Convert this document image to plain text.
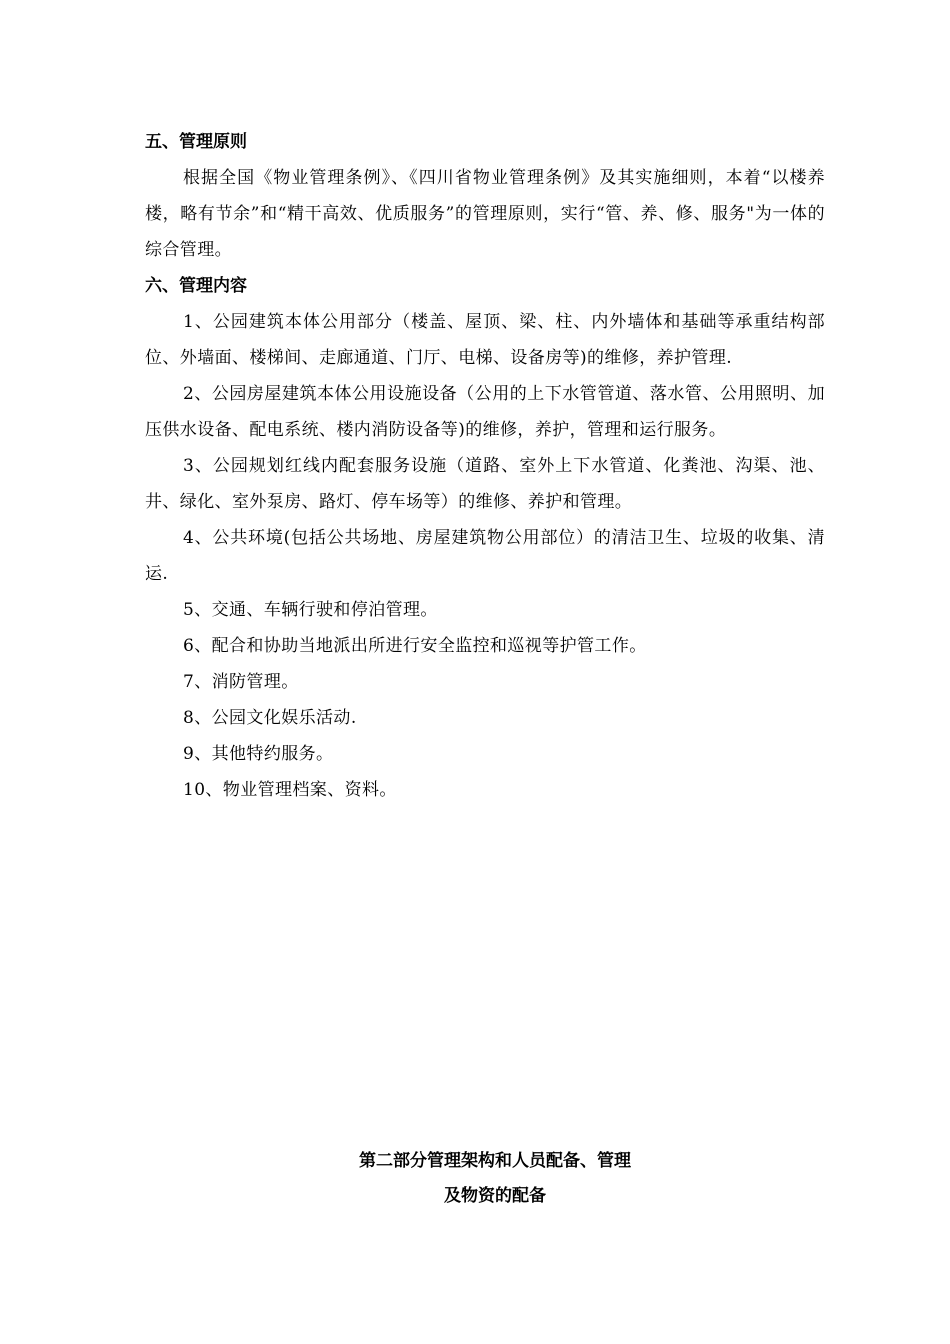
五、管理原则

根据全国《物业管理条例》、《四川省物业管理条例》及其实施细则，本着“以楼养楼，略有节余”和“精干高效、优质服务”的管理原则，实行“管、养、修、服务"为一体的综合管理。

六、管理内容

1、公园建筑本体公用部分（楼盖、屋顶、梁、柱、内外墙体和基础等承重结构部位、外墙面、楼梯间、走廊通道、门厅、电梯、设备房等)的维修，养护管理.

2、公园房屋建筑本体公用设施设备（公用的上下水管管道、落水管、公用照明、加压供水设备、配电系统、楼内消防设备等)的维修，养护，管理和运行服务。

3、公园规划红线内配套服务设施（道路、室外上下水管道、化粪池、沟渠、池、井、绿化、室外泵房、路灯、停车场等）的维修、养护和管理。

4、公共环境(包括公共场地、房屋建筑物公用部位）的清洁卫生、垃圾的收集、清运.

5、交通、车辆行驶和停泊管理。

6、配合和协助当地派出所进行安全监控和巡视等护管工作。

7、消防管理。

8、公园文化娱乐活动.

9、其他特约服务。

10、物业管理档案、资料。

第二部分管理架构和人员配备、管理

及物资的配备
